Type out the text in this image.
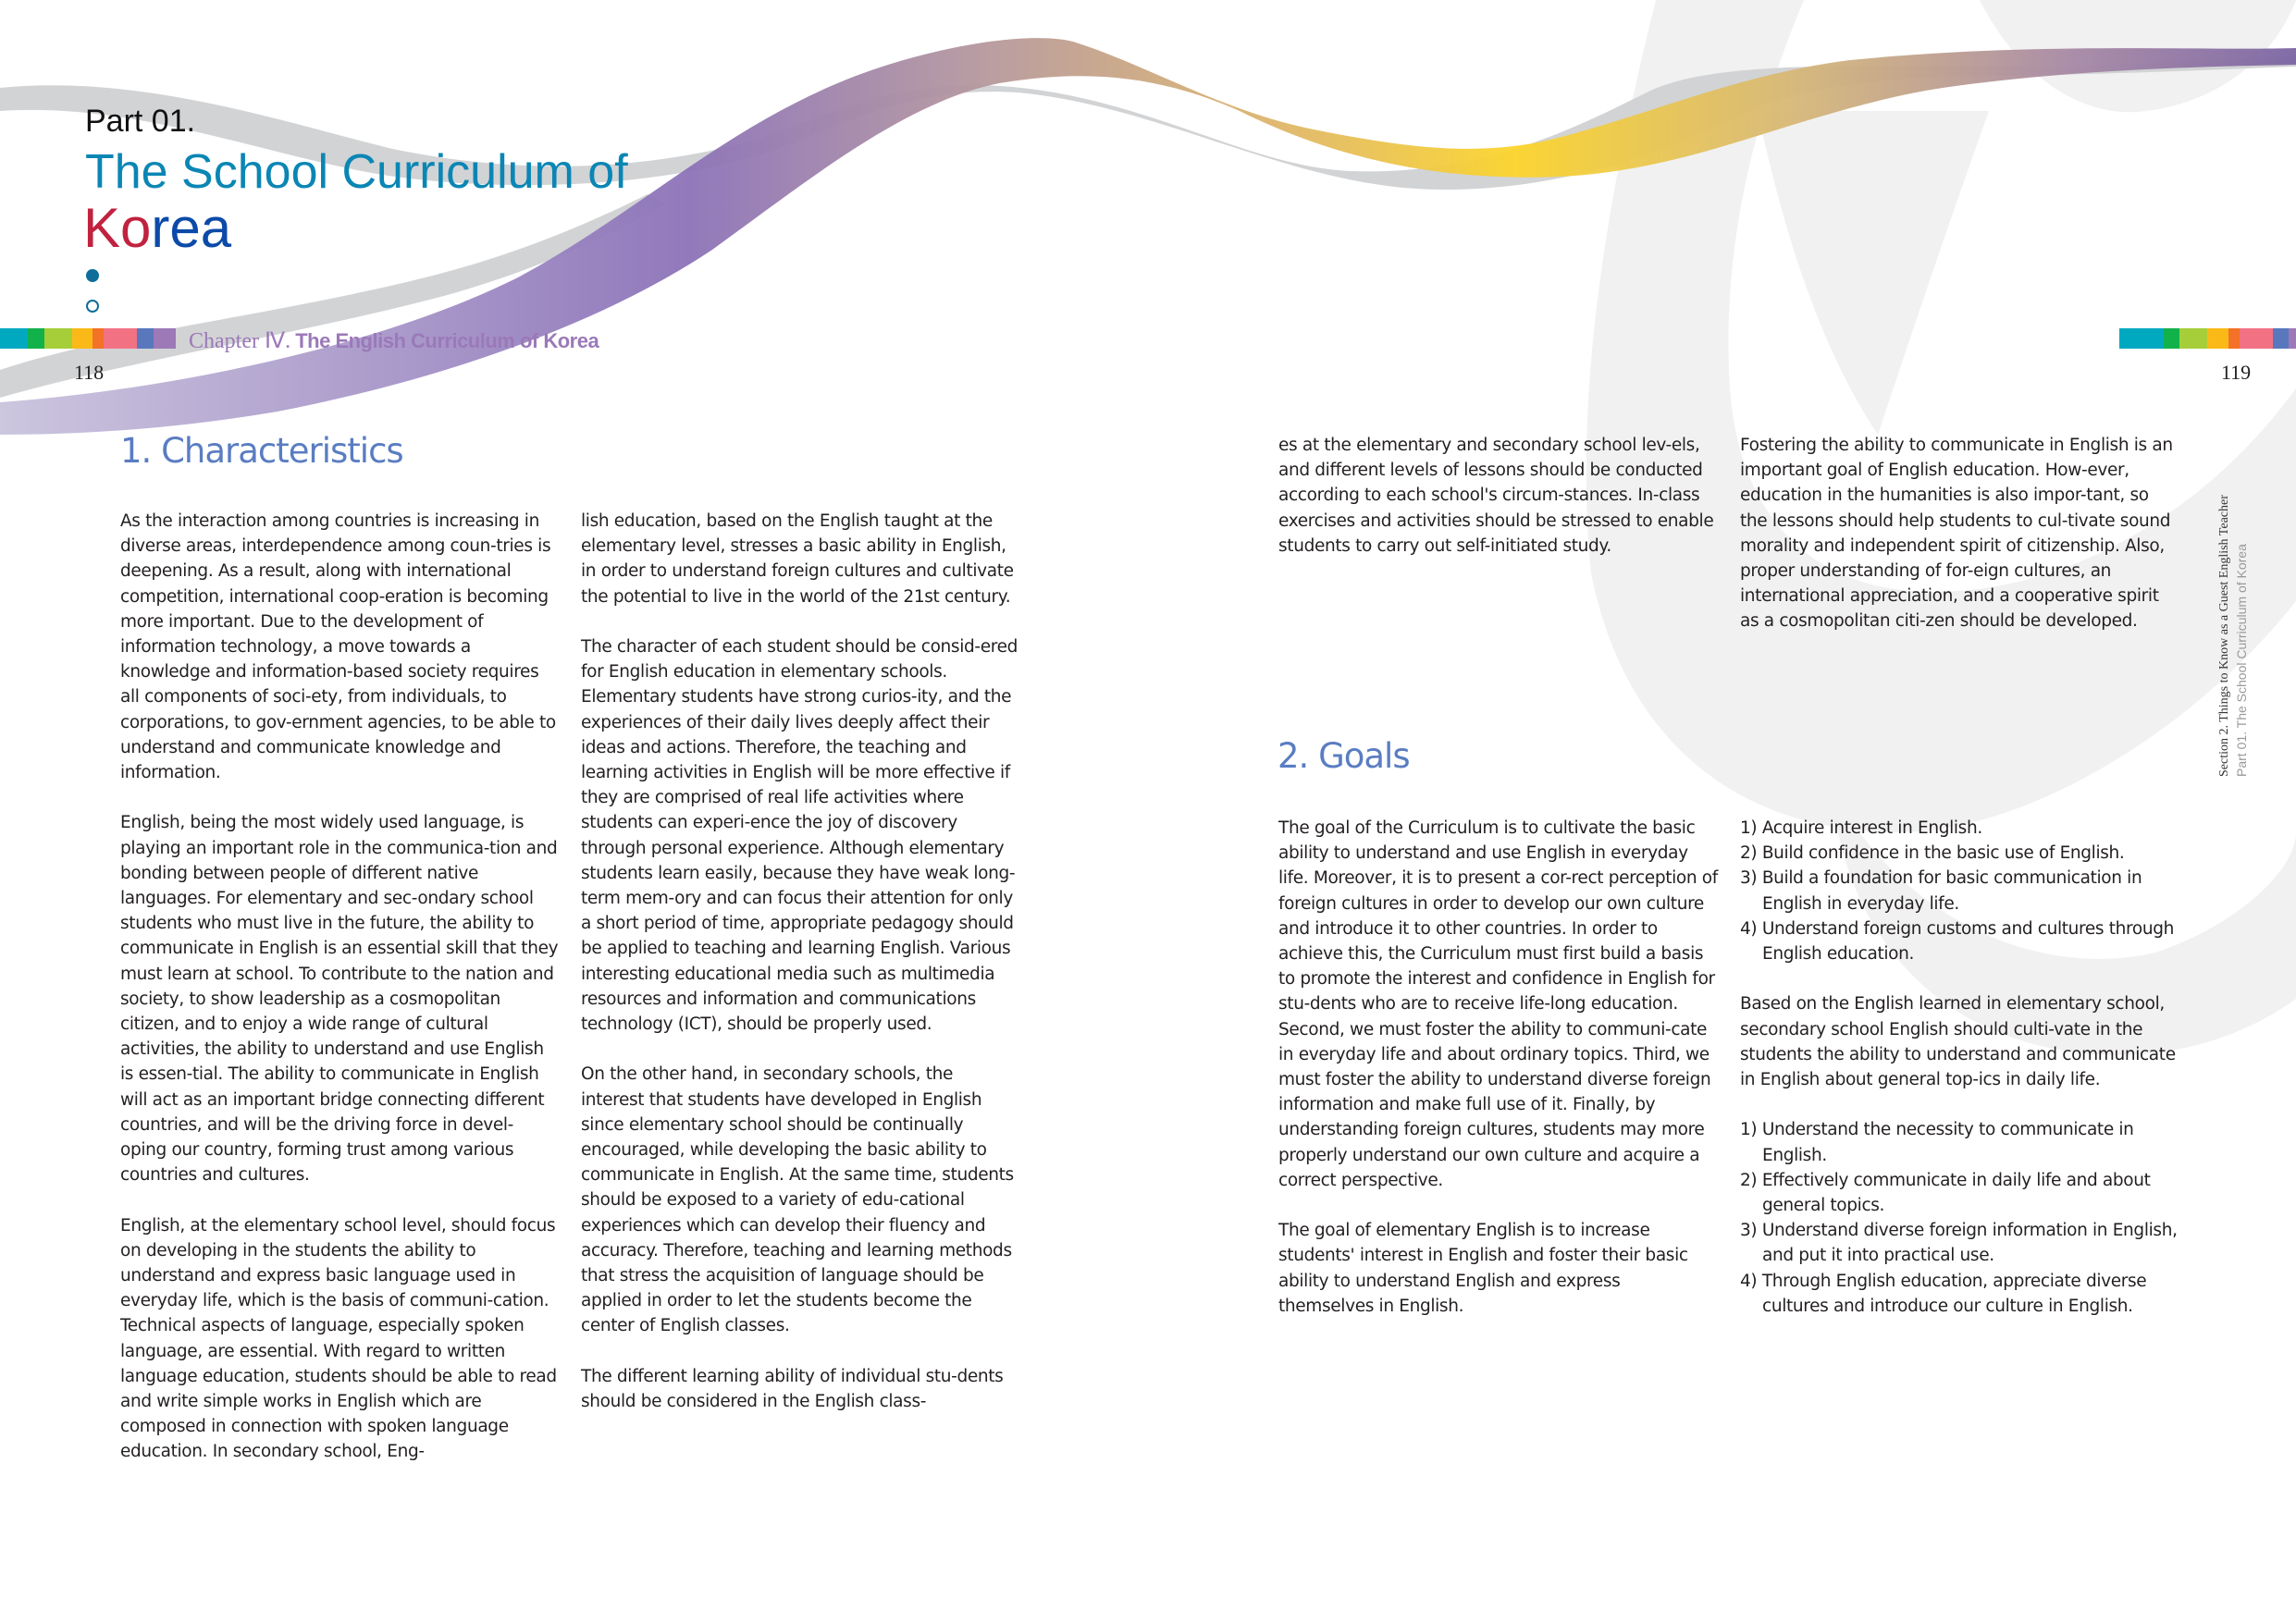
Part 01.
The School Curriculum of
Korea
Chapter Ⅳ. The English Curriculum of Korea
118	119
Section 2. Things to Know as a Guest English Teacher Part 01. The School Curriculum of Korea
1. Characteristics

As the interaction among countries is increasing in diverse areas, interdependence among coun-tries is deepening. As a result, along with international competition, international coop-eration is becoming more important. Due to the development of information technology, a move towards a knowledge and information-based society requires all components of soci-ety, from individuals, to corporations, to gov-ernment agencies, to be able to understand and communicate knowledge and information.

English, being the most widely used language, is playing an important role in the communica-tion and bonding between people of different native languages. For elementary and sec-ondary school students who must live in the future, the ability to communicate in English is an essential skill that they must learn at school. To contribute to the nation and society, to show leadership as a cosmopolitan citizen, and to enjoy a wide range of cultural activities, the ability to understand and use English is essen-tial. The ability to communicate in English will act as an important bridge connecting different countries, and will be the driving force in devel-oping our country, forming trust among various countries and cultures.

English, at the elementary school level, should focus on developing in the students the ability to understand and express basic language used in everyday life, which is the basis of communi-cation. Technical aspects of language, especially spoken language, are essential. With regard to written language education, students should be able to read and write simple works in English which are composed in connection with spoken language education. In secondary school, Eng-

lish education, based on the English taught at the elementary level, stresses a basic ability in English, in order to understand foreign cultures and cultivate the potential to live in the world of the 21st century.

The character of each student should be consid-ered for English education in elementary schools. Elementary students have strong curios-ity, and the experiences of their daily lives deeply affect their ideas and actions. Therefore, the teaching and learning activities in English will be more effective if they are comprised of real life activities where students can experi-ence the joy of discovery through personal experience. Although elementary students learn easily, because they have weak long-term mem-ory and can focus their attention for only a short period of time, appropriate pedagogy should be applied to teaching and learning English. Various interesting educational media such as multimedia resources and information and communications technology (ICT), should be properly used.

On the other hand, in secondary schools, the interest that students have developed in English since elementary school should be continually encouraged, while developing the basic ability to communicate in English. At the same time, students should be exposed to a variety of edu-cational experiences which can develop their fluency and accuracy. Therefore, teaching and learning methods that stress the acquisition of language should be applied in order to let the students become the center of English classes.

The different learning ability of individual stu-dents should be considered in the English class-

es at the elementary and secondary school lev-els, and different levels of lessons should be conducted according to each school's circum-stances. In-class exercises and activities should be stressed to enable students to carry out self-initiated study.

Fostering the ability to communicate in English is an important goal of English education. How-ever, education in the humanities is also impor-tant, so the lessons should help students to cul-tivate sound morality and independent spirit of citizenship. Also, proper understanding of for-eign cultures, an international appreciation, and a cooperative spirit as a cosmopolitan citi-zen should be developed.

2. Goals

The goal of the Curriculum is to cultivate the basic ability to understand and use English in everyday life. Moreover, it is to present a cor-rect perception of foreign cultures in order to develop our own culture and introduce it to other countries. In order to achieve this, the Curriculum must first build a basis to promote the interest and confidence in English for stu-dents who are to receive life-long education. Second, we must foster the ability to communi-cate in everyday life and about ordinary topics. Third, we must foster the ability to understand diverse foreign information and make full use of it. Finally, by understanding foreign cultures, students may more properly understand our own culture and acquire a correct perspective.

The goal of elementary English is to increase students' interest in English and foster their basic ability to understand English and express themselves in English.

1) Acquire interest in English.
2) Build confidence in the basic use of English.
3) Build a foundation for basic communication in English in everyday life.
4) Understand foreign customs and cultures through English education.

Based on the English learned in elementary school, secondary school English should culti-vate in the students the ability to understand and communicate in English about general top-ics in daily life.

1) Understand the necessity to communicate in English.
2) Effectively communicate in daily life and about general topics.
3) Understand diverse foreign information in English, and put it into practical use.
4) Through English education, appreciate diverse cultures and introduce our culture in English.
